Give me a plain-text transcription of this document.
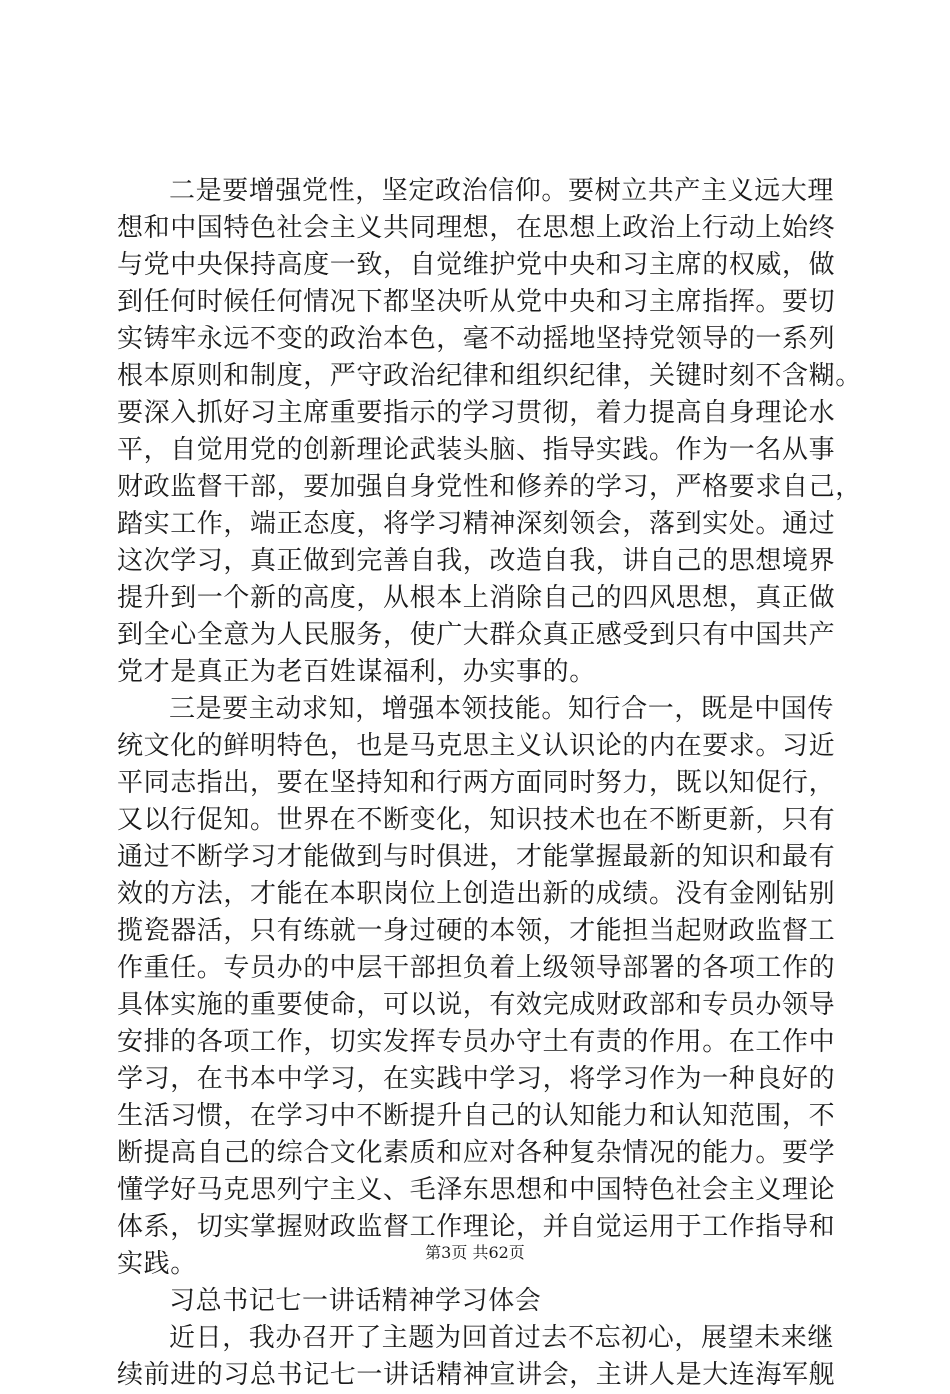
二是要增强党性，坚定政治信仰。要树立共产主义远大理
想和中国特色社会主义共同理想，在思想上政治上行动上始终
与党中央保持高度一致，自觉维护党中央和习主席的权威，做
到任何时候任何情况下都坚决听从党中央和习主席指挥。要切
实铸牢永远不变的政治本色，毫不动摇地坚持党领导的一系列
根本原则和制度，严守政治纪律和组织纪律，关键时刻不含糊。
要深入抓好习主席重要指示的学习贯彻，着力提高自身理论水
平，自觉用党的创新理论武装头脑、指导实践。作为一名从事
财政监督干部，要加强自身党性和修养的学习，严格要求自己，
踏实工作，端正态度，将学习精神深刻领会，落到实处。通过
这次学习，真正做到完善自我，改造自我，讲自己的思想境界
提升到一个新的高度，从根本上消除自己的四风思想，真正做
到全心全意为人民服务，使广大群众真正感受到只有中国共产
党才是真正为老百姓谋福利，办实事的。
三是要主动求知，增强本领技能。知行合一，既是中国传
统文化的鲜明特色，也是马克思主义认识论的内在要求。习近
平同志指出，要在坚持知和行两方面同时努力，既以知促行，
又以行促知。世界在不断变化，知识技术也在不断更新，只有
通过不断学习才能做到与时俱进，才能掌握最新的知识和最有
效的方法，才能在本职岗位上创造出新的成绩。没有金刚钻别
揽瓷器活，只有练就一身过硬的本领，才能担当起财政监督工
作重任。专员办的中层干部担负着上级领导部署的各项工作的
具体实施的重要使命，可以说，有效完成财政部和专员办领导
安排的各项工作，切实发挥专员办守土有责的作用。在工作中
学习，在书本中学习，在实践中学习，将学习作为一种良好的
生活习惯，在学习中不断提升自己的认知能力和认知范围，不
断提高自己的综合文化素质和应对各种复杂情况的能力。要学
懂学好马克思列宁主义、毛泽东思想和中国特色社会主义理论
体系，切实掌握财政监督工作理论，并自觉运用于工作指导和
实践。
习总书记七一讲话精神学习体会
近日，我办召开了主题为回首过去不忘初心，展望未来继
续前进的习总书记七一讲话精神宣讲会，主讲人是大连海军舰
第3页 共62页
